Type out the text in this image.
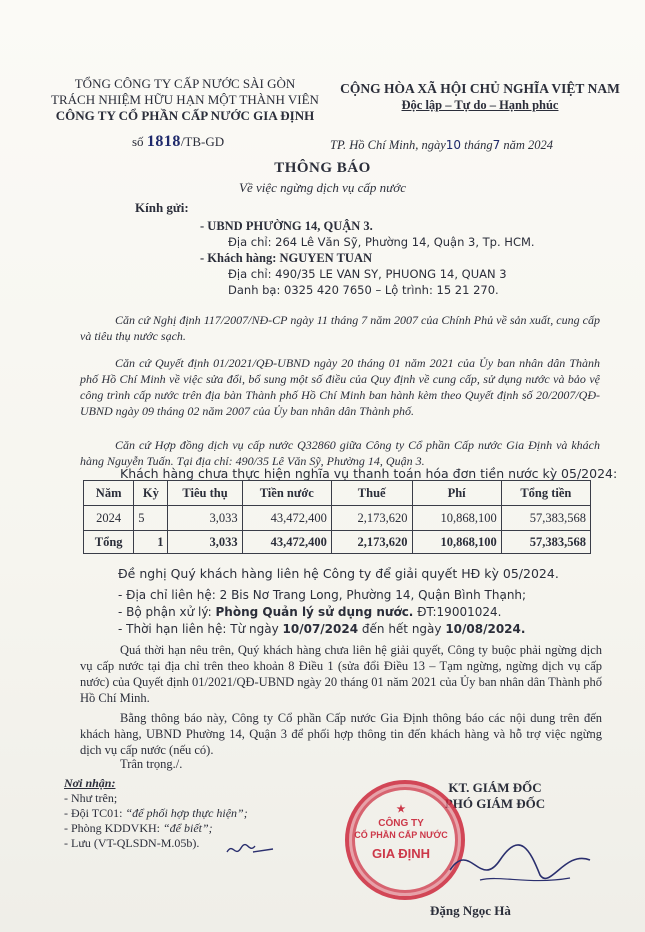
TỔNG CÔNG TY CẤP NƯỚC SÀI GÒN
TRÁCH NHIỆM HỮU HẠN MỘT THÀNH VIÊN
CÔNG TY CỔ PHẦN CẤP NƯỚC GIA ĐỊNH
CỘNG HÒA XÃ HỘI CHỦ NGHĨA VIỆT NAM
Độc lập – Tự do – Hạnh phúc
số 1818/TB-GD	TP. Hồ Chí Minh, ngày10 tháng7 năm 2024
THÔNG BÁO
Về việc ngừng dịch vụ cấp nước
Kính gửi:
- UBND PHƯỜNG 14, QUẬN 3.
Địa chỉ: 264 Lê Văn Sỹ, Phường 14, Quận 3, Tp. HCM.
- Khách hàng: NGUYEN TUAN
Địa chỉ: 490/35 LE VAN SY, PHUONG 14, QUAN 3
Danh bạ: 0325 420 7650 – Lộ trình: 15 21 270.
Căn cứ Nghị định 117/2007/NĐ-CP ngày 11 tháng 7 năm 2007 của Chính Phủ về sản xuất, cung cấp và tiêu thụ nước sạch.
Căn cứ Quyết định 01/2021/QĐ-UBND ngày 20 tháng 01 năm 2021 của Ủy ban nhân dân Thành phố Hồ Chí Minh về việc sửa đổi, bổ sung một số điều của Quy định về cung cấp, sử dụng nước và bảo vệ công trình cấp nước trên địa bàn Thành phố Hồ Chí Minh ban hành kèm theo Quyết định số 20/2007/QĐ-UBND ngày 09 tháng 02 năm 2007 của Ủy ban nhân dân Thành phố.
Căn cứ Hợp đồng dịch vụ cấp nước Q32860 giữa Công ty Cổ phần Cấp nước Gia Định và khách hàng Nguyễn Tuấn. Tại địa chỉ: 490/35 Lê Văn Sỹ, Phường 14, Quận 3.
Khách hàng chưa thực hiện nghĩa vụ thanh toán hóa đơn tiền nước kỳ 05/2024:
Năm	Kỳ	Tiêu thụ	Tiền nước	Thuế	Phí	Tổng tiền
2024	5	3,033	43,472,400	2,173,620	10,868,100	57,383,568
Tổng	1	3,033	43,472,400	2,173,620	10,868,100	57,383,568
Đề nghị Quý khách hàng liên hệ Công ty để giải quyết HĐ kỳ 05/2024.
- Địa chỉ liên hệ: 2 Bis Nơ Trang Long, Phường 14, Quận Bình Thạnh;
- Bộ phận xử lý: Phòng Quản lý sử dụng nước. ĐT:19001024.
- Thời hạn liên hệ: Từ ngày 10/07/2024 đến hết ngày 10/08/2024.
Quá thời hạn nêu trên, Quý khách hàng chưa liên hệ giải quyết, Công ty buộc phải ngừng dịch vụ cấp nước tại địa chỉ trên theo khoản 8 Điều 1 (sửa đổi Điều 13 – Tạm ngừng, ngừng dịch vụ cấp nước) của Quyết định 01/2021/QĐ-UBND ngày 20 tháng 01 năm 2021 của Ủy ban nhân dân Thành phố Hồ Chí Minh.
Bằng thông báo này, Công ty Cổ phần Cấp nước Gia Định thông báo các nội dung trên đến khách hàng, UBND Phường 14, Quận 3 để phối hợp thông tin đến khách hàng và hỗ trợ việc ngừng dịch vụ cấp nước (nếu có).
Trân trọng./.
Nơi nhận:
- Như trên;
- Đội TC01: “để phối hợp thực hiện”;
- Phòng KDDVKH: “để biết”;
- Lưu (VT-QLSDN-M.05b).
KT. GIÁM ĐỐC
PHÓ GIÁM ĐỐC
★
CÔNG TY
CỔ PHẦN CẤP NƯỚC
GIA ĐỊNH
Đặng Ngọc Hà
